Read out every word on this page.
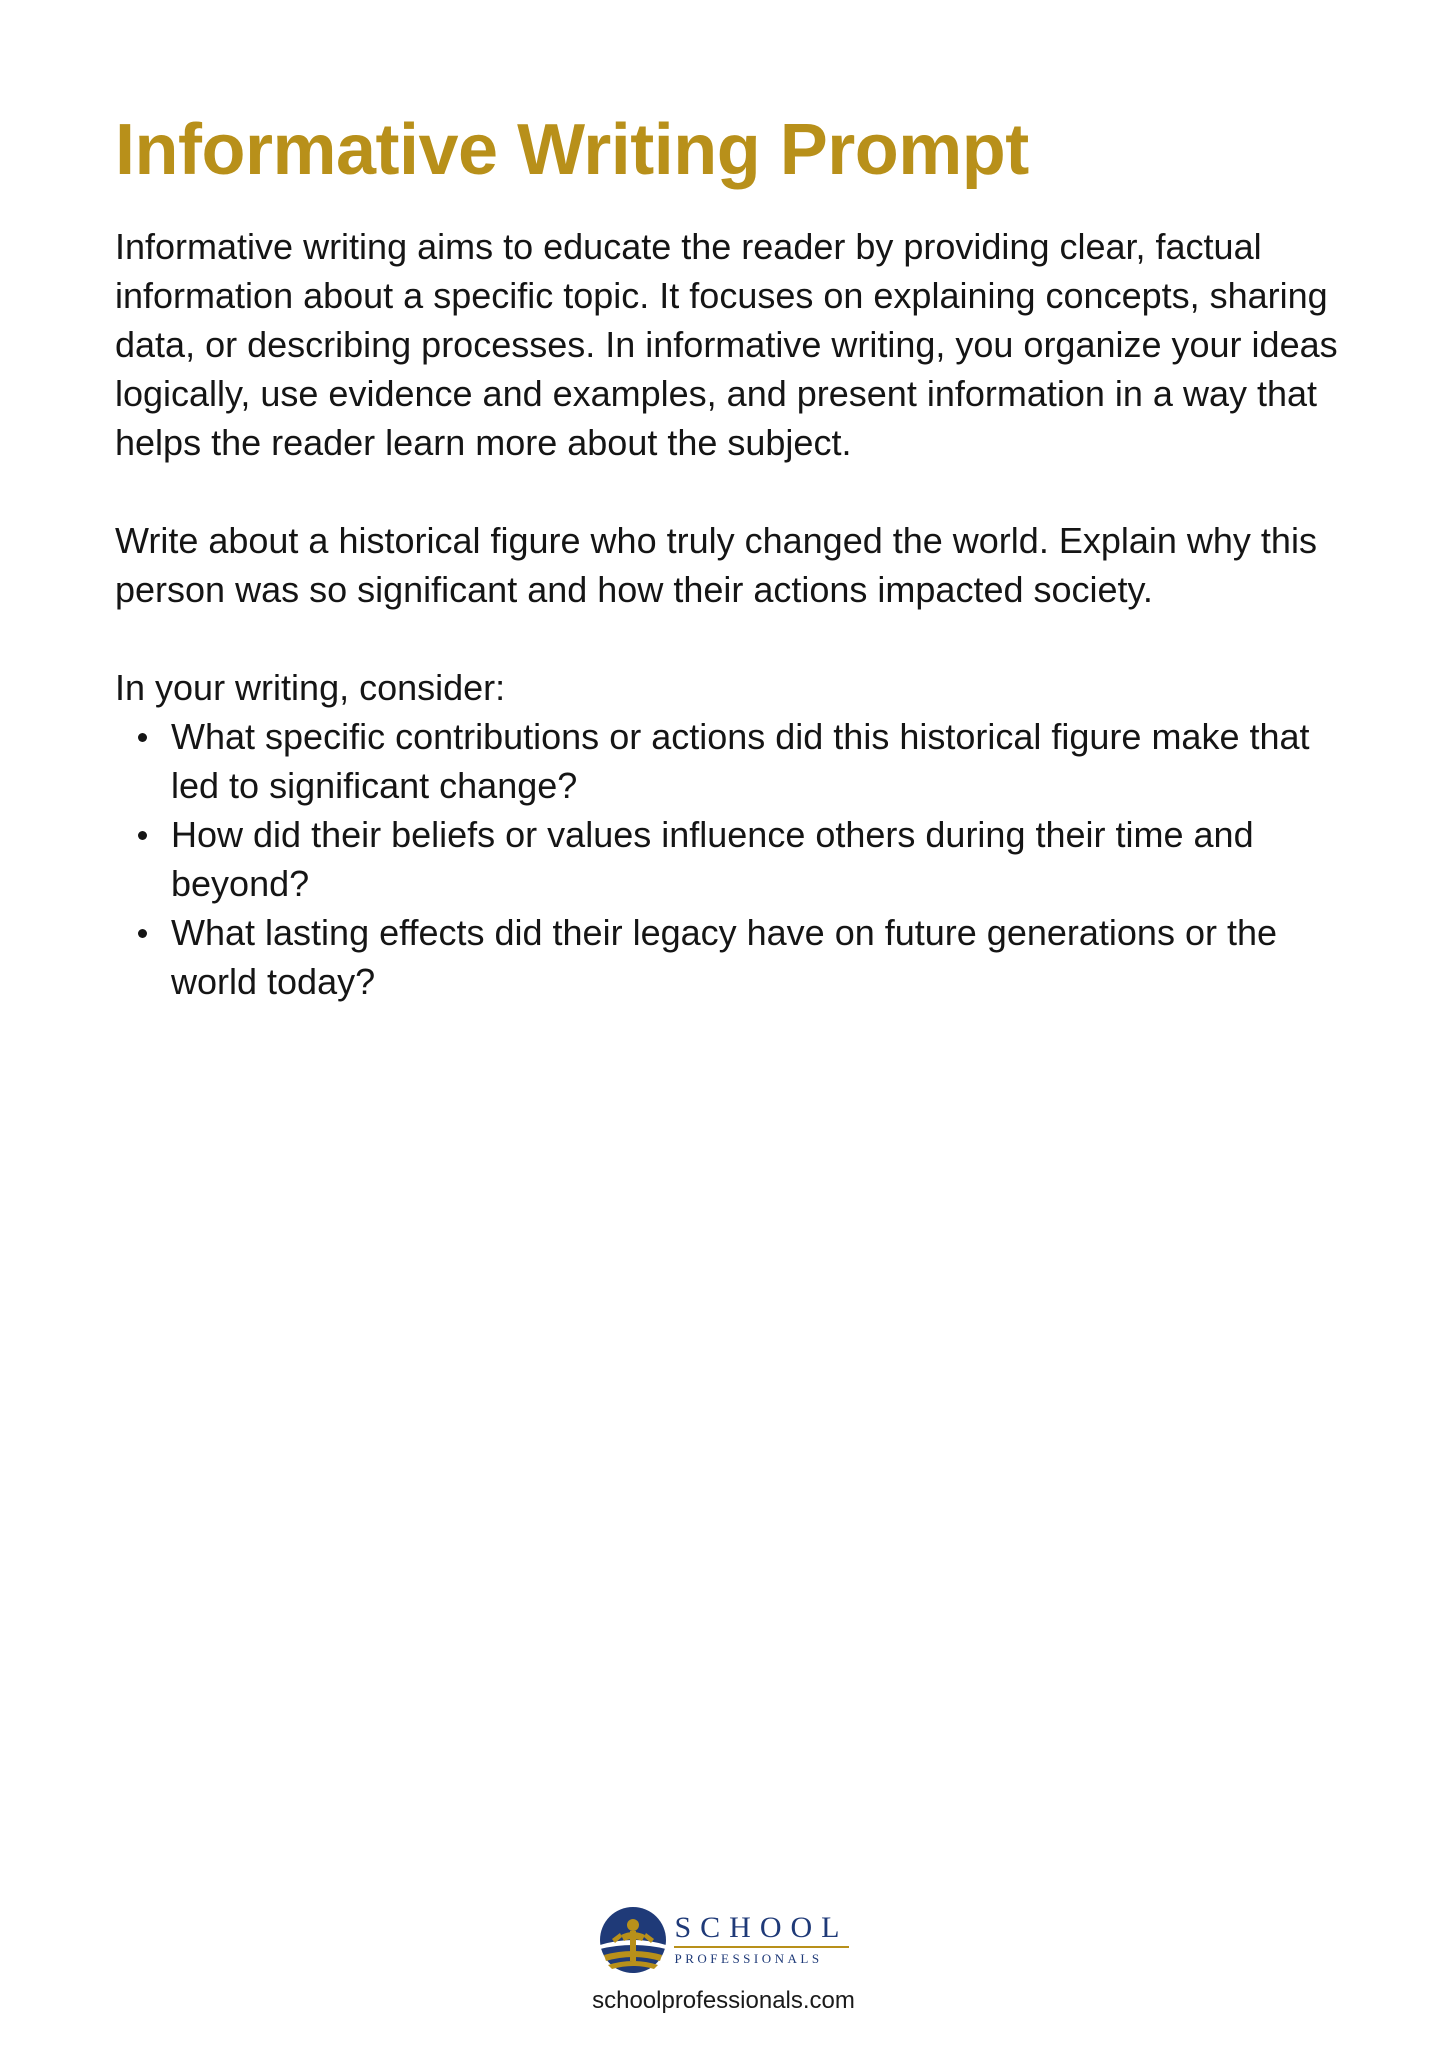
Informative Writing Prompt

Informative writing aims to educate the reader by providing clear, factual information about a specific topic. It focuses on explaining concepts, sharing data, or describing processes. In informative writing, you organize your ideas logically, use evidence and examples, and present information in a way that helps the reader learn more about the subject.

Write about a historical figure who truly changed the world. Explain why this person was so significant and how their actions impacted society.

In your writing, consider:

What specific contributions or actions did this historical figure make that led to significant change?
How did their beliefs or values influence others during their time and beyond?
What lasting effects did their legacy have on future generations or the world today?
SCHOOL
PROFESSIONALS
schoolprofessionals.com
